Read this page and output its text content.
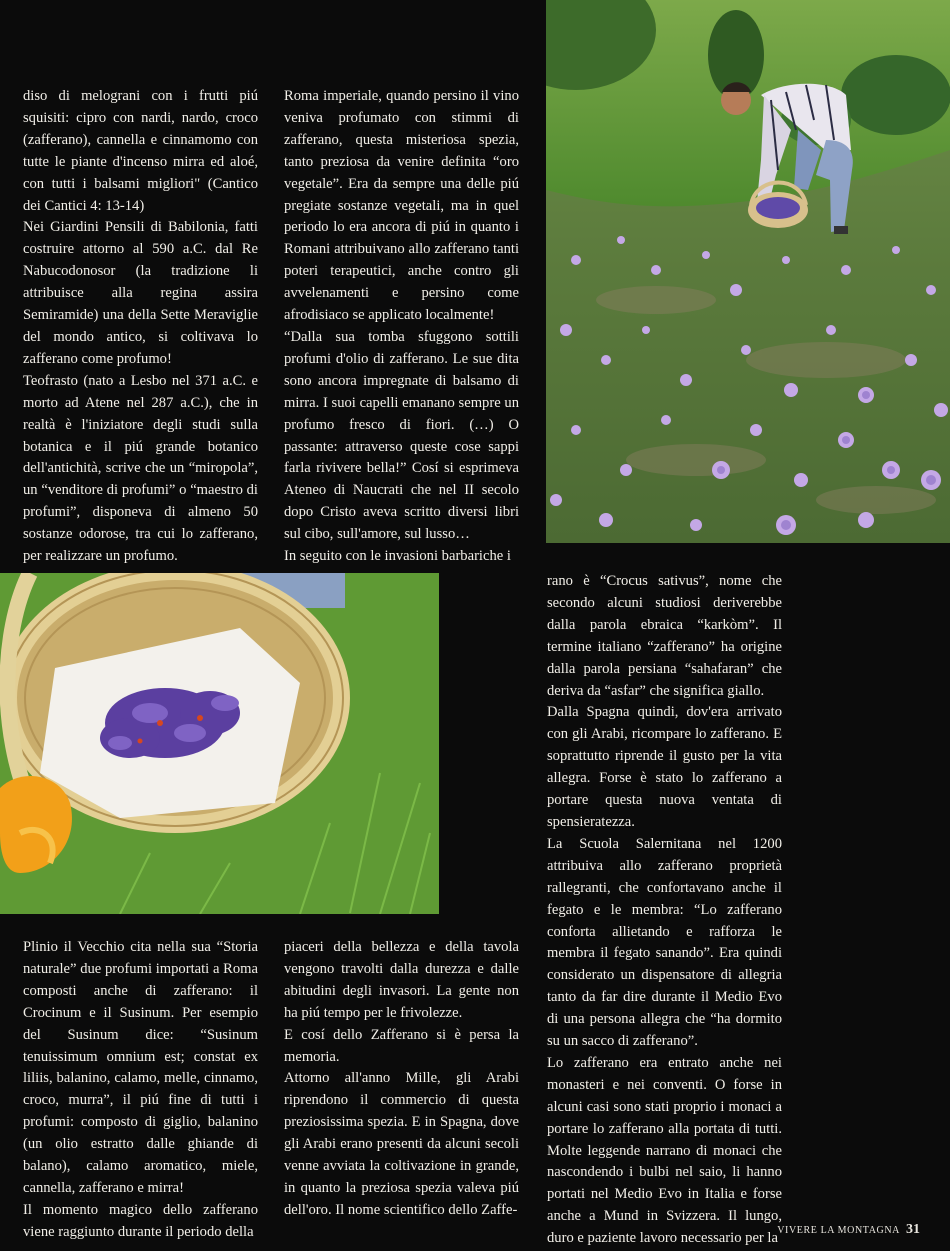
diso di melograni con i frutti piú squisiti: cipro con nardi, nardo, croco (zafferano), cannella e cinnamomo con tutte le piante d'incenso mirra ed aloé, con tutti i balsami migliori" (Cantico dei Cantici 4: 13-14)

Nei Giardini Pensili di Babilonia, fatti costruire attorno al 590 a.C. dal Re Nabucodonosor (la tradizione li attribuisce alla regina assira Semiramide) una della Sette Meraviglie del mondo antico, si coltivava lo zafferano come profumo!

Teofrasto (nato a Lesbo nel 371 a.C. e morto ad Atene nel 287 a.C.), che in realtà è l'iniziatore degli studi sulla botanica e il piú grande botanico dell'antichità, scrive che un “miropola”, un “venditore di profumi” o “maestro di profumi”, disponeva di almeno 50 sostanze odorose, tra cui lo zafferano, per realizzare un profumo.

Roma imperiale, quando persino il vino veniva profumato con stimmi di zafferano, questa misteriosa spezia, tanto preziosa da venire definita “oro vegetale”. Era da sempre una delle piú pregiate sostanze vegetali, ma in quel periodo lo era ancora di piú in quanto i Romani attribuivano allo zafferano tanti poteri terapeutici, anche contro gli avvelenamenti e persino come afrodisiaco se applicato localmente!

“Dalla sua tomba sfuggono sottili profumi d'olio di zafferano. Le sue dita sono ancora impregnate di balsamo di mirra. I suoi capelli emanano sempre un profumo fresco di fiori. (…) O passante: attraverso queste cose sappi farla rivivere bella!” Cosí si esprimeva Ateneo di Naucrati che nel II secolo dopo Cristo aveva scritto diversi libri sul cibo, sull'amore, sul lusso…

In seguito con le invasioni barbariche i

rano è “Crocus sativus”, nome che secondo alcuni studiosi deriverebbe dalla parola ebraica “karkòm”. Il termine italiano “zafferano” ha origine dalla parola persiana “sahafaran” che deriva da “asfar” che significa giallo.

Dalla Spagna quindi, dov'era arrivato con gli Arabi, ricompare lo zafferano. E soprattutto riprende il gusto per la vita allegra. Forse è stato lo zafferano a portare questa nuova ventata di spensieratezza.

La Scuola Salernitana nel 1200 attribuiva allo zafferano proprietà rallegranti, che confortavano anche il fegato e le membra: “Lo zafferano conforta allietando e rafforza le membra il fegato sanando”. Era quindi considerato un dispensatore di allegria tanto da far dire durante il Medio Evo di una persona allegra che “ha dormito su un sacco di zafferano”.

Lo zafferano era entrato anche nei monasteri e nei conventi. O forse in alcuni casi sono stati proprio i monaci a portare lo zafferano alla portata di tutti. Molte leggende narrano di monaci che nascondendo i bulbi nel saio, li hanno portati nel Medio Evo in Italia e forse anche a Mund in Svizzera. Il lungo, duro e paziente lavoro necessario per la

Plinio il Vecchio cita nella sua “Storia naturale” due profumi importati a Roma composti anche di zafferano: il Crocinum e il Susinum. Per esempio del Susinum dice: “Susinum tenuissimum omnium est; constat ex liliis, balanino, calamo, melle, cinnamo, croco, murra”, il piú fine di tutti i profumi: composto di giglio, balanino (un olio estratto dalle ghiande di balano), calamo aromatico, miele, cannella, zafferano e mirra!

Il momento magico dello zafferano viene raggiunto durante il periodo della

piaceri della bellezza e della tavola vengono travolti dalla durezza e dalle abitudini degli invasori. La gente non ha piú tempo per le frivolezze.

E cosí dello Zafferano si è persa la memoria.

Attorno all'anno Mille, gli Arabi riprendono il commercio di questa preziosissima spezia. E in Spagna, dove gli Arabi erano presenti da alcuni secoli venne avviata la coltivazione in grande, in quanto la preziosa spezia valeva piú dell'oro. Il nome scientifico dello Zaffe-

VIVERE LA MONTAGNA 31
